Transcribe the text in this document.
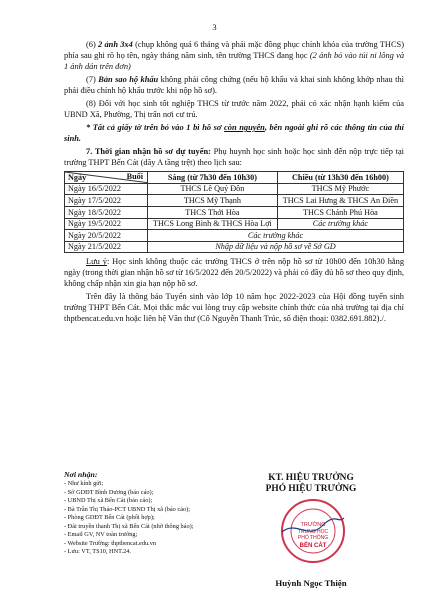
3

(6) 2 ảnh 3x4 (chụp không quá 6 tháng và phải mặc đồng phục chính khóa của trường THCS) phía sau ghi rõ họ tên, ngày tháng năm sinh, tên trường THCS đang học (2 ảnh bỏ vào túi ni lông và 1 ảnh dán trên đơn)

(7) Bản sao hộ khẩu không phải công chứng (nếu hộ khẩu và khai sinh không khớp nhau thì phải điều chỉnh hộ khẩu trước khi nộp hồ sơ).

(8) Đối với học sinh tốt nghiệp THCS từ trước năm 2022, phải có xác nhận hạnh kiểm của UBND Xã, Phường, Thị trấn nơi cư trú.

* Tất cả giấy tờ trên bỏ vào 1 bì hồ sơ còn nguyên, bên ngoài ghi rõ các thông tin của thí sinh.

7. Thời gian nhận hồ sơ dự tuyển: Phụ huynh học sinh hoặc học sinh đến nộp trực tiếp tại trường THPT Bến Cát (dãy A tầng trệt) theo lịch sau:

Buổi
Ngày	Sáng (từ 7h30 đến 10h30)	Chiều (từ 13h30 đến 16h00)
Ngày 16/5/2022	THCS Lê Quý Đôn	THCS Mỹ Phước
Ngày 17/5/2022	THCS Mỹ Thạnh	THCS Lai Hưng & THCS An Điền
Ngày 18/5/2022	THCS Thới Hòa	THCS Chánh Phú Hòa
Ngày 19/5/2022	THCS Long Bình & THCS Hòa Lợi	Các trường khác
Ngày 20/5/2022	Các trường khác	
Ngày 21/5/2022	Nhập dữ liệu và nộp hồ sơ về Sở GD	

Lưu ý: Học sinh không thuộc các trường THCS ở trên nộp hồ sơ từ 10h00 đến 10h30 hằng ngày (trong thời gian nhận hồ sơ từ 16/5/2022 đến 20/5/2022) và phải có đầy đủ hồ sơ theo quy định, không chấp nhận xin gia hạn nộp hồ sơ.

Trên đây là thông báo Tuyển sinh vào lớp 10 năm học 2022-2023 của Hội đồng tuyển sinh trường THPT Bến Cát. Mọi thắc mắc vui lòng truy cập website chính thức của nhà trường tại địa chỉ thptbencat.edu.vn hoặc liên hệ Văn thư (Cô Nguyễn Thanh Trúc, số điện thoại: 0382.691.882)./.

Nơi nhận:
- Như kính gửi;
- Sở GDĐT Bình Dương (báo cáo);
- UBND Thị xã Bến Cát (báo cáo);
- Bà Trần Thị Thảo-PCT UBND Thị xã (báo cáo);
- Phòng GDĐT Bến Cát (phối hợp);
- Đài truyền thanh Thị xã Bến Cát (nhờ thông báo);
- Email GV, NV toàn trường;
- Website Trường: thptbencat.edu.vn
- Lưu: VT, TS10, HNT.24.
KT. HIỆU TRƯỞNG
PHÓ HIỆU TRƯỞNG
TRƯỜNG
TRUNG HỌC
PHỔ THÔNG
BẾN CÁT
Huỳnh Ngọc Thiện
